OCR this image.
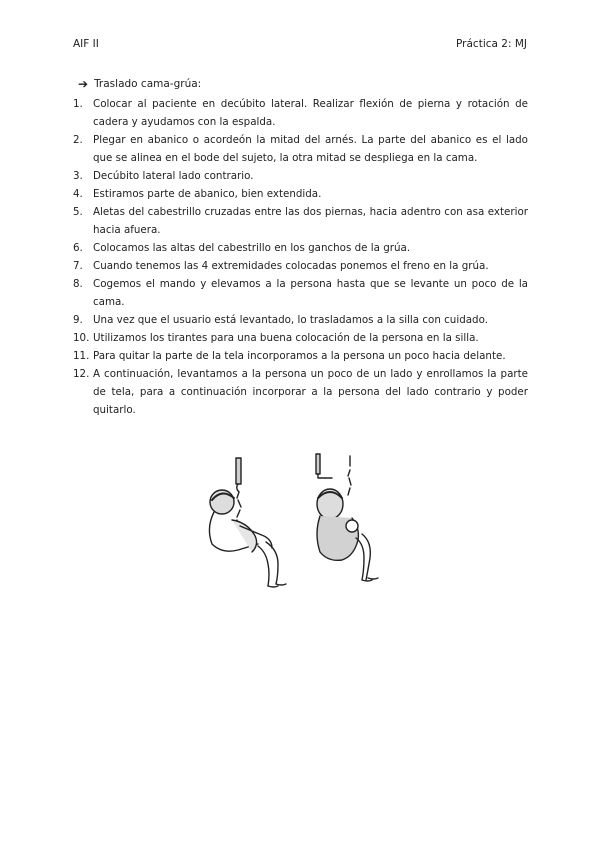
AIF II	Práctica 2: MJ
➔ Traslado cama-grúa:
1. Colocar al paciente en decúbito lateral. Realizar flexión de pierna y rotación de cadera y ayudamos con la espalda.
2. Plegar en abanico o acordeón la mitad del arnés. La parte del abanico es el lado que se alinea en el bode del sujeto, la otra mitad se despliega en la cama.
3. Decúbito lateral lado contrario.
4. Estiramos parte de abanico, bien extendida.
5. Aletas del cabestrillo cruzadas entre las dos piernas, hacia adentro con asa exterior hacia afuera.
6. Colocamos las altas del cabestrillo en los ganchos de la grúa.
7. Cuando tenemos las 4 extremidades colocadas ponemos el freno en la grúa.
8. Cogemos el mando y elevamos a la persona hasta que se levante un poco de la cama.
9. Una vez que el usuario está levantado, lo trasladamos a la silla con cuidado.
10. Utilizamos los tirantes para una buena colocación de la persona en la silla.
11. Para quitar la parte de la tela incorporamos a la persona un poco hacia delante.
12. A continuación, levantamos a la persona un poco de un lado y enrollamos la parte de tela, para a continuación incorporar a la persona del lado contrario y poder quitarlo.
